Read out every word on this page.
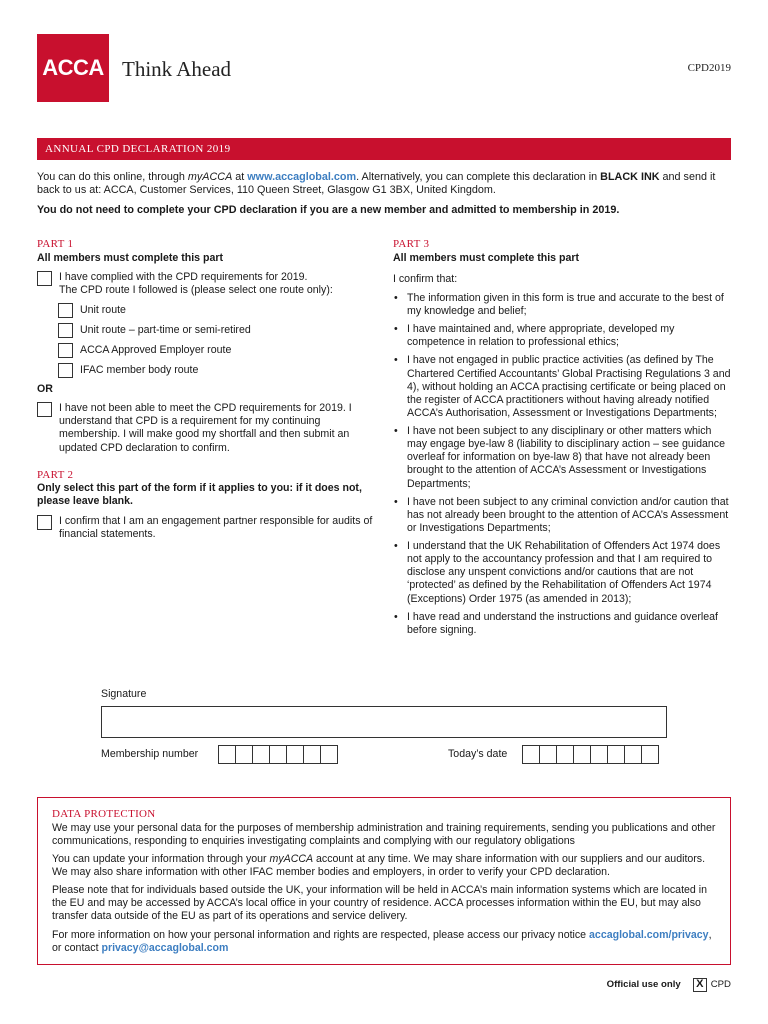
ACCA Think Ahead	CPD2019
ANNUAL CPD DECLARATION 2019

You can do this online, through myACCA at www.accaglobal.com. Alternatively, you can complete this declaration in BLACK INK and send it back to us at: ACCA, Customer Services, 110 Queen Street, Glasgow G1 3BX, United Kingdom.

You do not need to complete your CPD declaration if you are a new member and admitted to membership in 2019.

PART 1
All members must complete this part
I have complied with the CPD requirements for 2019.
The CPD route I followed is (please select one route only):
Unit route
Unit route – part-time or semi-retired
ACCA Approved Employer route
IFAC member body route
OR
I have not been able to meet the CPD requirements for 2019. I understand that CPD is a requirement for my continuing membership. I will make good my shortfall and then submit an updated CPD declaration to confirm.
PART 2
Only select this part of the form if it applies to you: if it does not, please leave blank.
I confirm that I am an engagement partner responsible for audits of financial statements.
PART 3
All members must complete this part
I confirm that:
• The information given in this form is true and accurate to the best of my knowledge and belief;
• I have maintained and, where appropriate, developed my competence in relation to professional ethics;
• I have not engaged in public practice activities (as defined by The Chartered Certified Accountants’ Global Practising Regulations 3 and 4), without holding an ACCA practising certificate or being placed on the register of ACCA practitioners without having already notified ACCA’s Authorisation, Assessment or Investigations Departments;
• I have not been subject to any disciplinary or other matters which may engage bye-law 8 (liability to disciplinary action – see guidance overleaf for information on bye-law 8) that have not already been brought to the attention of ACCA’s Assessment or Investigations Departments;
• I have not been subject to any criminal conviction and/or caution that has not already been brought to the attention of ACCA’s Assessment or Investigations Departments;
• I understand that the UK Rehabilitation of Offenders Act 1974 does not apply to the accountancy profession and that I am required to disclose any unspent convictions and/or cautions that are not ‘protected’ as defined by the Rehabilitation of Offenders Act 1974 (Exceptions) Order 1975 (as amended in 2013);
• I have read and understand the instructions and guidance overleaf before signing.
Signature
Membership number	Today’s date
DATA PROTECTION

We may use your personal data for the purposes of membership administration and training requirements, sending you publications and other communications, responding to enquiries investigating complaints and complying with our regulatory obligations

You can update your information through your myACCA account at any time. We may share information with our suppliers and our auditors. We may also share information with other IFAC member bodies and employers, in order to verify your CPD declaration.

Please note that for individuals based outside the UK, your information will be held in ACCA’s main information systems which are located in the EU and may be accessed by ACCA’s local office in your country of residence. ACCA processes information within the EU, but may also transfer data outside of the EU as part of its operations and service delivery.

For more information on how your personal information and rights are respected, please access our privacy notice accaglobal.com/privacy, or contact privacy@accaglobal.com

Official use only	X CPD
